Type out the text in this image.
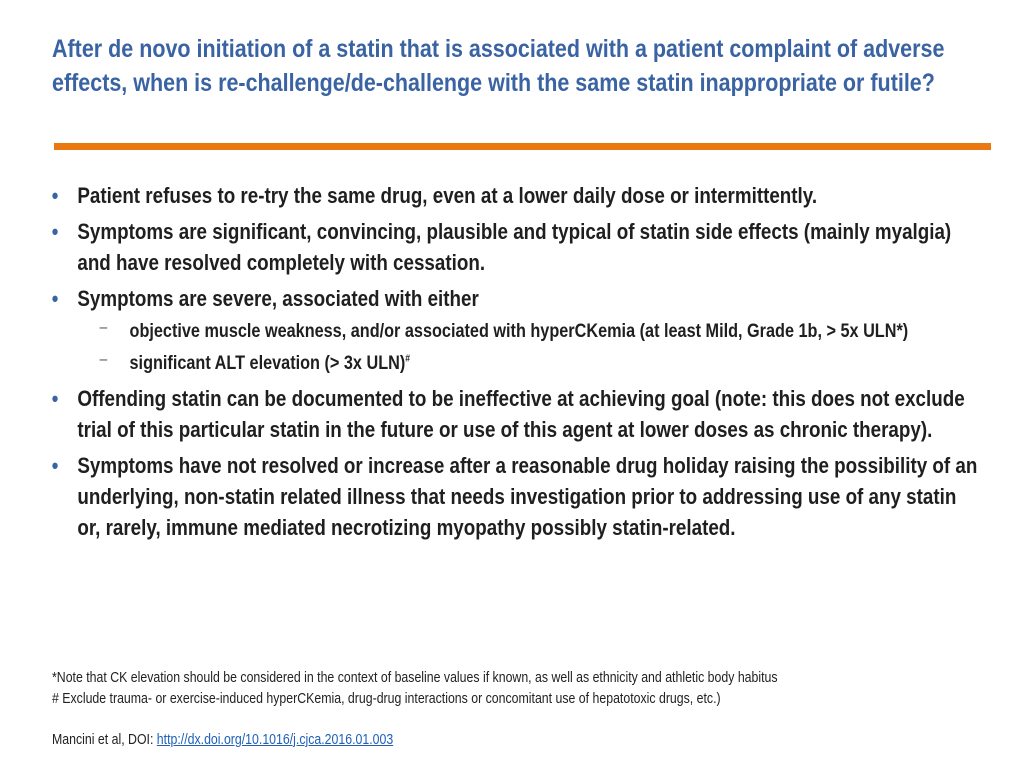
After de novo initiation of a statin that is associated with a patient complaint of adverse effects, when is re-challenge/de-challenge with the same statin inappropriate or futile?
• Patient refuses to re-try the same drug, even at a lower daily dose or intermittently.
• Symptoms are significant, convincing, plausible and typical of statin side effects (mainly myalgia) and have resolved completely with cessation.
• Symptoms are severe, associated with either
– objective muscle weakness, and/or associated with hyperCKemia (at least Mild, Grade 1b, > 5x ULN*)
– significant ALT elevation (> 3x ULN)#
• Offending statin can be documented to be ineffective at achieving goal (note: this does not exclude trial of this particular statin in the future or use of this agent at lower doses as chronic therapy).
• Symptoms have not resolved or increase after a reasonable drug holiday raising the possibility of an underlying, non-statin related illness that needs investigation prior to addressing use of any statin or, rarely, immune mediated necrotizing myopathy possibly statin-related.
*Note that CK elevation should be considered in the context of baseline values if known, as well as ethnicity and athletic body habitus
# Exclude trauma- or exercise-induced hyperCKemia, drug-drug interactions or concomitant use of hepatotoxic drugs, etc.)
Mancini et al, DOI: http://dx.doi.org/10.1016/j.cjca.2016.01.003
